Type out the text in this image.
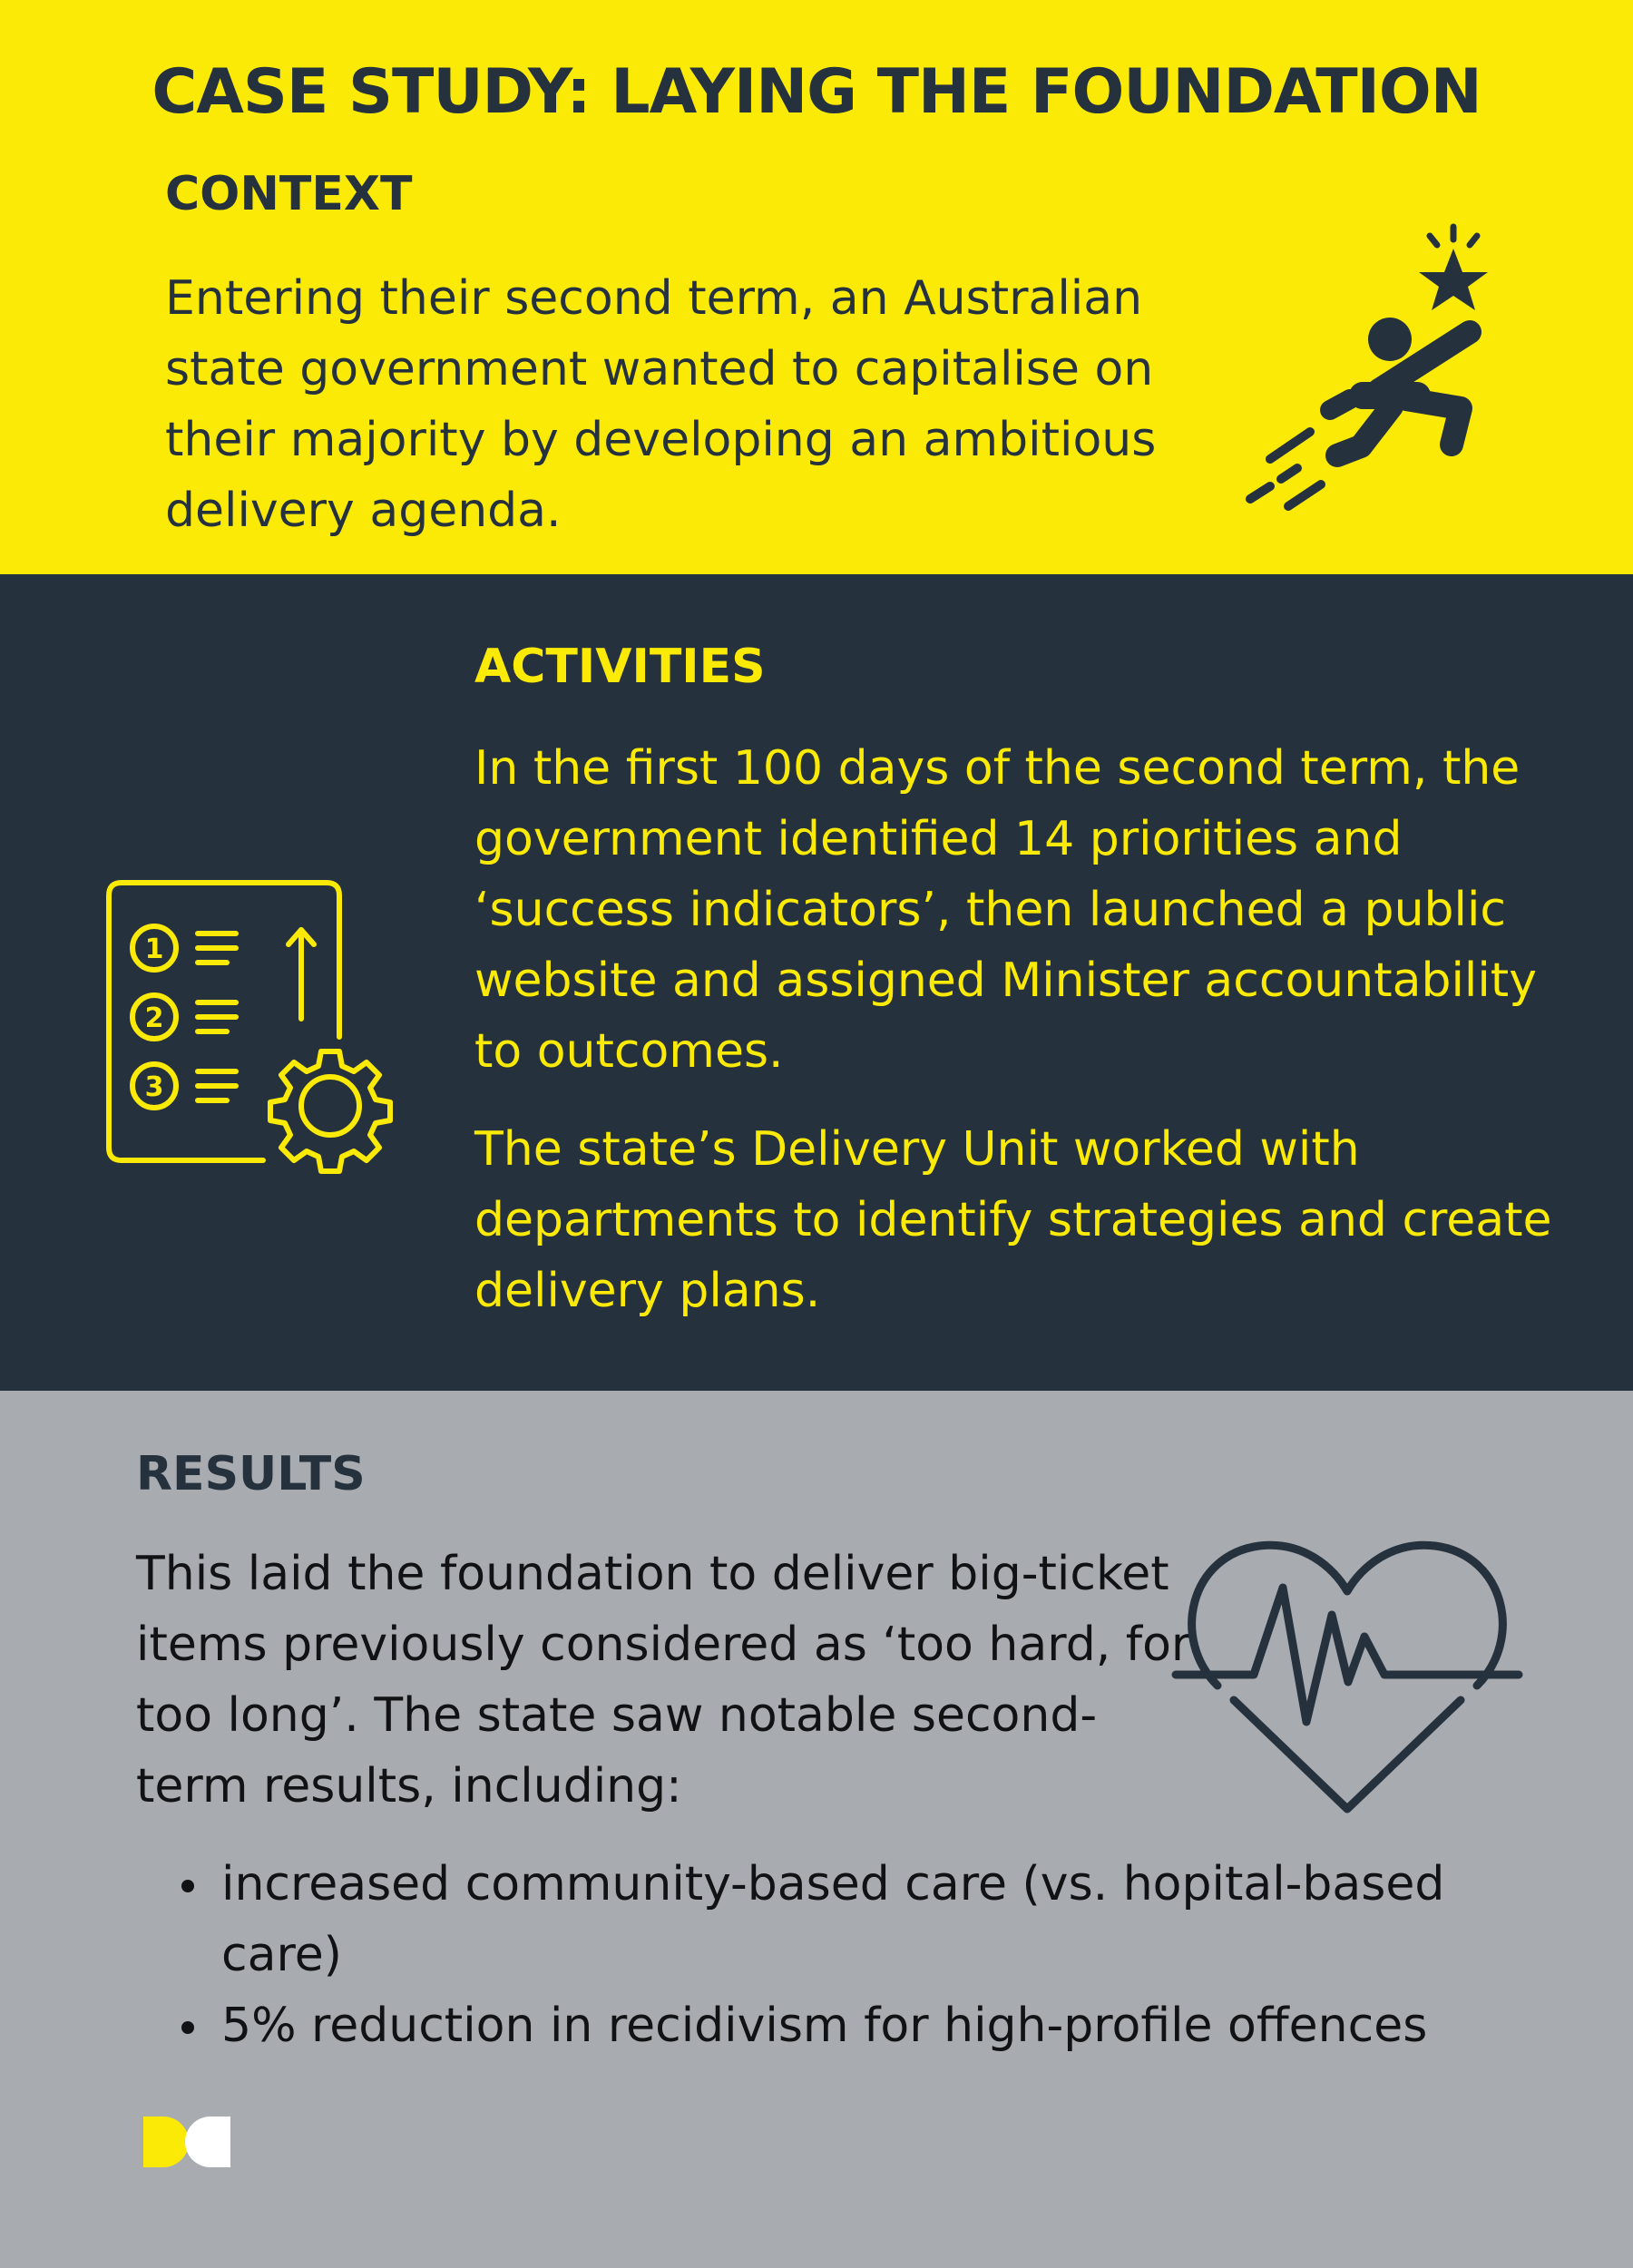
CASE STUDY: LAYING THE FOUNDATION
CONTEXT

Entering their second term, an Australian state government wanted to capitalise on their majority by developing an ambitious delivery agenda.

ACTIVITIES

In the first 100 days of the second term, the government identified 14 priorities and ‘success indicators’, then launched a public website and assigned Minister accountability to outcomes.

The state’s Delivery Unit worked with departments to identify strategies and create delivery plans.

1
2
3
RESULTS

This laid the foundation to deliver big-ticket items previously considered as ‘too hard, for too long’. The state saw notable second-term results, including:

increased community-based care (vs. hopital-based care)
5% reduction in recidivism for high-profile offences
